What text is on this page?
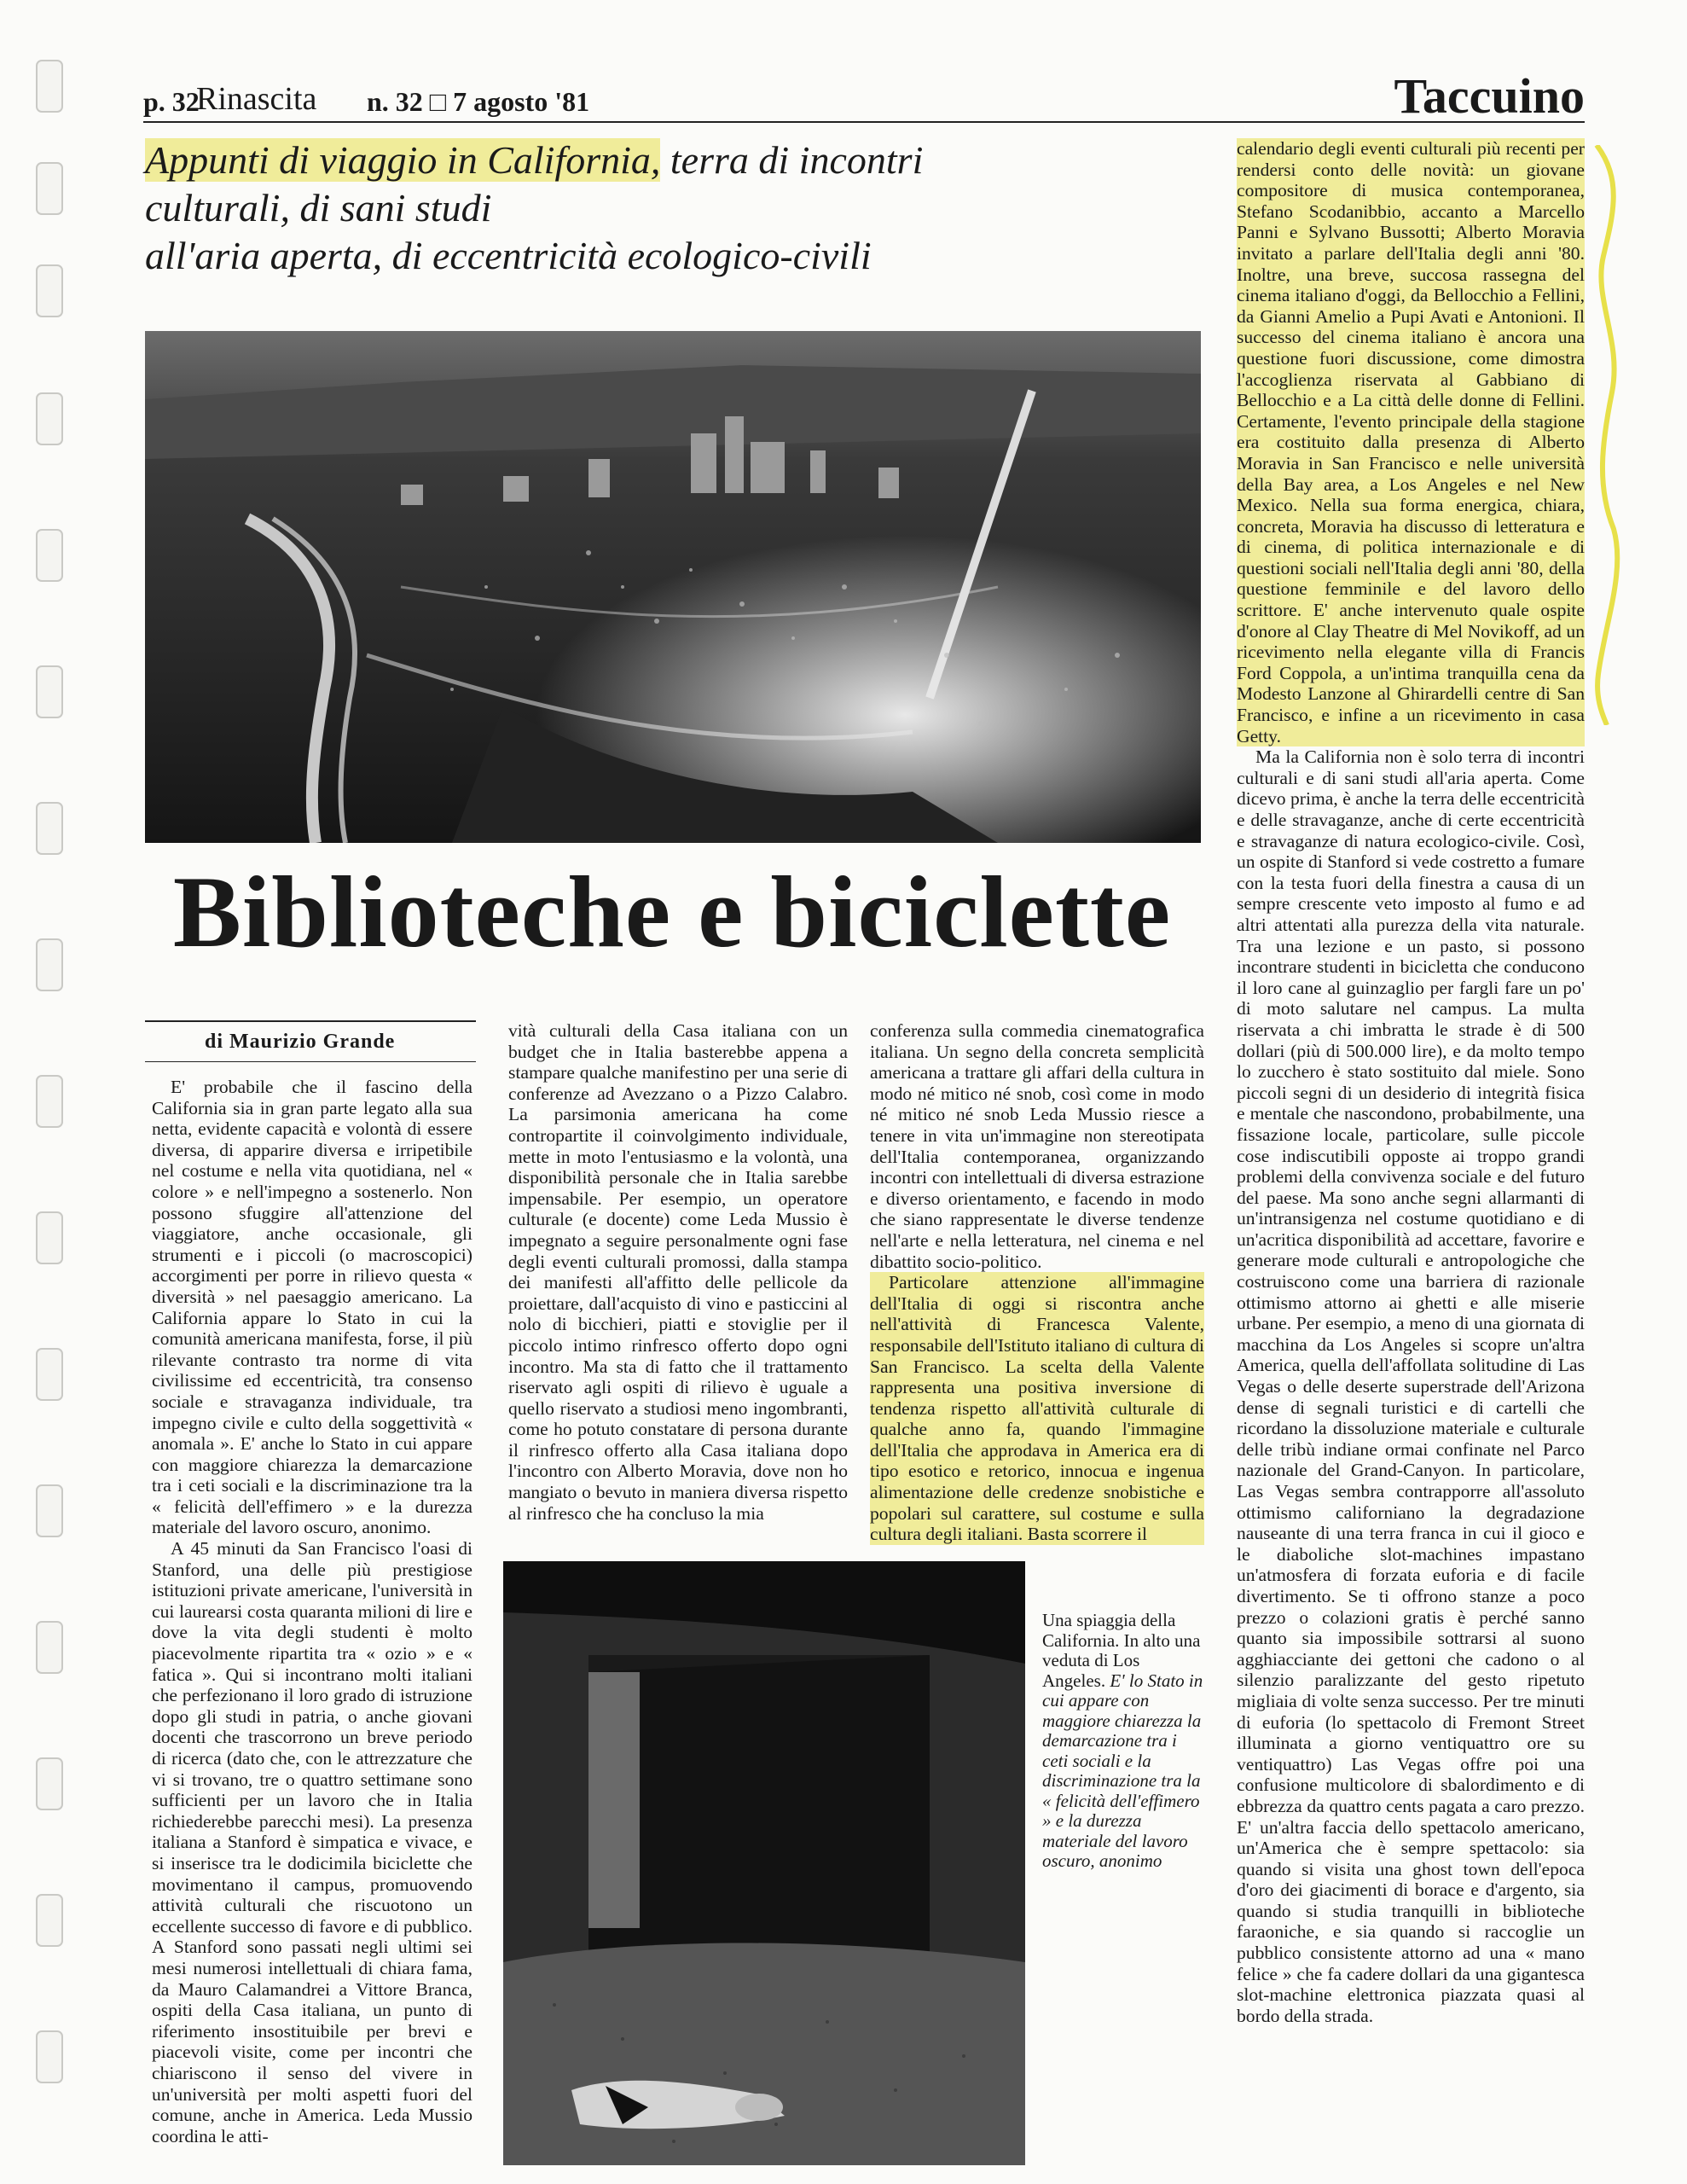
p. 32
Rinascita n. 32 □ 7 agosto '81	Taccuino
Appunti di viaggio in California, terra di incontri
culturali, di sani studi
all'aria aperta, di eccentricità ecologico-civili
Biblioteche e biciclette
di Maurizio Grande

E' probabile che il fascino della California sia in gran parte legato alla sua netta, evidente capacità e volontà di essere diversa, di apparire diversa e irripetibile nel costume e nella vita quotidiana, nel « colore » e nell'impegno a sostenerlo. Non possono sfuggire all'attenzione del viaggiatore, anche occasionale, gli strumenti e i piccoli (o macroscopici) accorgimenti per porre in rilievo questa « diversità » nel paesaggio americano. La California appare lo Stato in cui la comunità americana manifesta, forse, il più rilevante contrasto tra norme di vita civilissime ed eccentricità, tra consenso sociale e stravaganza individuale, tra impegno civile e culto della soggettività « anomala ». E' anche lo Stato in cui appare con maggiore chiarezza la demarcazione tra i ceti sociali e la discriminazione tra la « felicità dell'effimero » e la durezza materiale del lavoro oscuro, anonimo.

A 45 minuti da San Francisco l'oasi di Stanford, una delle più prestigiose istituzioni private americane, l'università in cui laurearsi costa quaranta milioni di lire e dove la vita degli studenti è molto piacevolmente ripartita tra « ozio » e « fatica ». Qui si incontrano molti italiani che perfezionano il loro grado di istruzione dopo gli studi in patria, o anche giovani docenti che trascorrono un breve periodo di ricerca (dato che, con le attrezzature che vi si trovano, tre o quattro settimane sono sufficienti per un lavoro che in Italia richiederebbe parecchi mesi). La presenza italiana a Stanford è simpatica e vivace, e si inserisce tra le dodicimila biciclette che movimentano il campus, promuovendo attività culturali che riscuotono un eccellente successo di favore e di pubblico. A Stanford sono passati negli ultimi sei mesi numerosi intellettuali di chiara fama, da Mauro Calamandrei a Vittore Branca, ospiti della Casa italiana, un punto di riferimento insostituibile per brevi e piacevoli visite, come per incontri che chiariscono il senso del vivere in un'università per molti aspetti fuori del comune, anche in America. Leda Mussio coordina le atti-

vità culturali della Casa italiana con un budget che in Italia basterebbe appena a stampare qualche manifestino per una serie di conferenze ad Avezzano o a Pizzo Calabro. La parsimonia americana ha come contropartite il coinvolgimento individuale, mette in moto l'entusiasmo e la volontà, una disponibilità personale che in Italia sarebbe impensabile. Per esempio, un operatore culturale (e docente) come Leda Mussio è impegnato a seguire personalmente ogni fase degli eventi culturali promossi, dalla stampa dei manifesti all'affitto delle pellicole da proiettare, dall'acquisto di vino e pasticcini al nolo di bicchieri, piatti e stoviglie per il piccolo intimo rinfresco offerto dopo ogni incontro. Ma sta di fatto che il trattamento riservato agli ospiti di rilievo è uguale a quello riservato a studiosi meno ingombranti, come ho potuto constatare di persona durante il rinfresco offerto alla Casa italiana dopo l'incontro con Alberto Moravia, dove non ho mangiato o bevuto in maniera diversa rispetto al rinfresco che ha concluso la mia

conferenza sulla commedia cinematografica italiana. Un segno della concreta semplicità americana a trattare gli affari della cultura in modo né mitico né snob, così come in modo né mitico né snob Leda Mussio riesce a tenere in vita un'immagine non stereotipata dell'Italia contemporanea, organizzando incontri con intellettuali di diversa estrazione e diverso orientamento, e facendo in modo che siano rappresentate le diverse tendenze nell'arte e nella letteratura, nel cinema e nel dibattito socio-politico.

Particolare attenzione all'immagine dell'Italia di oggi si riscontra anche nell'attività di Francesca Valente, responsabile dell'Istituto italiano di cultura di San Francisco. La scelta della Valente rappresenta una positiva inversione di tendenza rispetto all'attività culturale di qualche anno fa, quando l'immagine dell'Italia che approdava in America era di tipo esotico e retorico, innocua e ingenua alimentazione delle credenze snobistiche e popolari sul carattere, sul costume e sulla cultura degli italiani. Basta scorrere il

Una spiaggia della California. In alto una veduta di Los Angeles. E' lo Stato in cui appare con maggiore chiarezza la demarcazione tra i ceti sociali e la discriminazione tra la « felicità dell'effimero » e la durezza materiale del lavoro oscuro, anonimo

calendario degli eventi culturali più recenti per rendersi conto delle novità: un giovane compositore di musica contemporanea, Stefano Scodanibbio, accanto a Marcello Panni e Sylvano Bussotti; Alberto Moravia invitato a parlare dell'Italia degli anni '80. Inoltre, una breve, succosa rassegna del cinema italiano d'oggi, da Bellocchio a Fellini, da Gianni Amelio a Pupi Avati e Antonioni. Il successo del cinema italiano è ancora una questione fuori discussione, come dimostra l'accoglienza riservata al Gabbiano di Bellocchio e a La città delle donne di Fellini. Certamente, l'evento principale della stagione era costituito dalla presenza di Alberto Moravia in San Francisco e nelle università della Bay area, a Los Angeles e nel New Mexico. Nella sua forma energica, chiara, concreta, Moravia ha discusso di letteratura e di cinema, di politica internazionale e di questioni sociali nell'Italia degli anni '80, della questione femminile e del lavoro dello scrittore. E' anche intervenuto quale ospite d'onore al Clay Theatre di Mel Novikoff, ad un ricevimento nella elegante villa di Francis Ford Coppola, a un'intima tranquilla cena da Modesto Lanzone al Ghirardelli centre di San Francisco, e infine a un ricevimento in casa Getty.

Ma la California non è solo terra di incontri culturali e di sani studi all'aria aperta. Come dicevo prima, è anche la terra delle eccentricità e delle stravaganze, anche di certe eccentricità e stravaganze di natura ecologico-civile. Così, un ospite di Stanford si vede costretto a fumare con la testa fuori della finestra a causa di un sempre crescente veto imposto al fumo e ad altri attentati alla purezza della vita naturale. Tra una lezione e un pasto, si possono incontrare studenti in bicicletta che conducono il loro cane al guinzaglio per fargli fare un po' di moto salutare nel campus. La multa riservata a chi imbratta le strade è di 500 dollari (più di 500.000 lire), e da molto tempo lo zucchero è stato sostituito dal miele. Sono piccoli segni di un desiderio di integrità fisica e mentale che nascondono, probabilmente, una fissazione locale, particolare, sulle piccole cose indiscutibili opposte ai troppo grandi problemi della convivenza sociale e del futuro del paese. Ma sono anche segni allarmanti di un'intransigenza nel costume quotidiano e di un'acritica disponibilità ad accettare, favorire e generare mode culturali e antropologiche che costruiscono come una barriera di razionale ottimismo attorno ai ghetti e alle miserie urbane. Per esempio, a meno di una giornata di macchina da Los Angeles si scopre un'altra America, quella dell'affollata solitudine di Las Vegas o delle deserte superstrade dell'Arizona dense di segnali turistici e di cartelli che ricordano la dissoluzione materiale e culturale delle tribù indiane ormai confinate nel Parco nazionale del Grand-Canyon. In particolare, Las Vegas sembra contrapporre all'assoluto ottimismo californiano la degradazione nauseante di una terra franca in cui il gioco e le diaboliche slot-machines impastano un'atmosfera di forzata euforia e di facile divertimento. Se ti offrono stanze a poco prezzo o colazioni gratis è perché sanno quanto sia impossibile sottrarsi al suono agghiacciante dei gettoni che cadono o al silenzio paralizzante del gesto ripetuto migliaia di volte senza successo. Per tre minuti di euforia (lo spettacolo di Fremont Street illuminata a giorno ventiquattro ore su ventiquattro) Las Vegas offre poi una confusione multicolore di sbalordimento e di ebbrezza da quattro cents pagata a caro prezzo. E' un'altra faccia dello spettacolo americano, un'America che è sempre spettacolo: sia quando si visita una ghost town dell'epoca d'oro dei giacimenti di borace e d'argento, sia quando si studia tranquilli in biblioteche faraoniche, e sia quando si raccoglie un pubblico consistente attorno ad una « mano felice » che fa cadere dollari da una gigantesca slot-machine elettronica piazzata quasi al bordo della strada.
